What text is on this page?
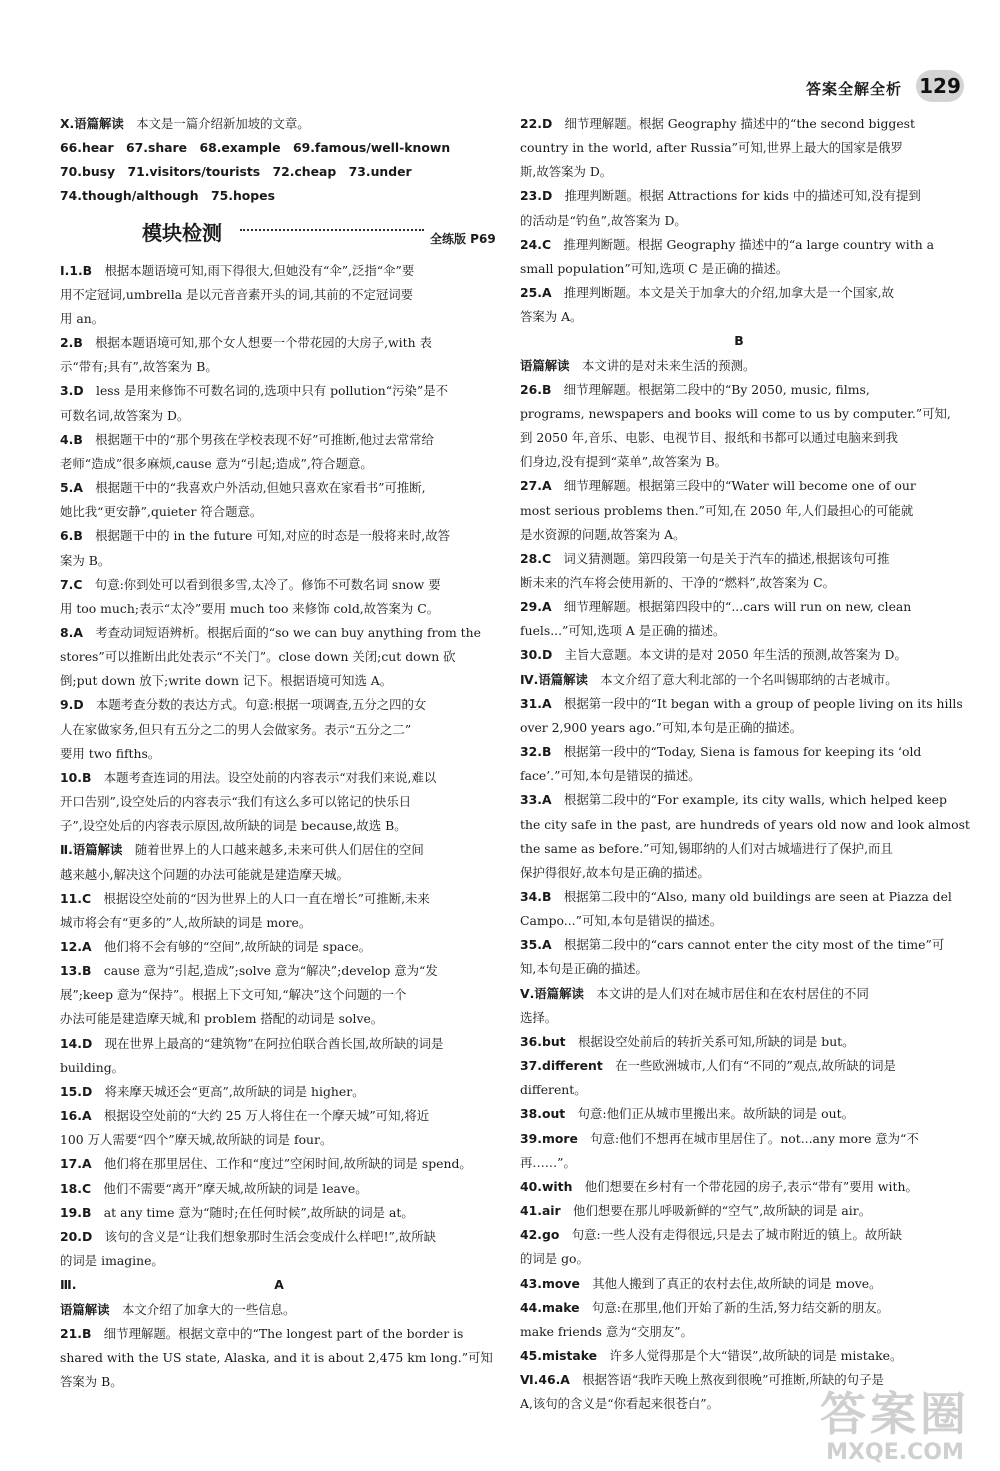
答案全解全析 129
X.语篇解读　本文是一篇介绍新加坡的文章。
66.hear　67.share　68.example　69.famous/well-known
70.busy　71.visitors/tourists　72.cheap　73.under
74.though/although　75.hopes
模块检测	全练版 P69
Ⅰ.1.B　根据本题语境可知,雨下得很大,但她没有“伞”,泛指“伞”要
用不定冠词,umbrella 是以元音音素开头的词,其前的不定冠词要
用 an。
2.B　根据本题语境可知,那个女人想要一个带花园的大房子,with 表
示“带有;具有”,故答案为 B。
3.D　less 是用来修饰不可数名词的,选项中只有 pollution“污染”是不
可数名词,故答案为 D。
4.B　根据题干中的“那个男孩在学校表现不好”可推断,他过去常常给
老师“造成”很多麻烦,cause 意为“引起;造成”,符合题意。
5.A　根据题干中的“我喜欢户外活动,但她只喜欢在家看书”可推断,
她比我“更安静”,quieter 符合题意。
6.B　根据题干中的 in the future 可知,对应的时态是一般将来时,故答
案为 B。
7.C　句意:你到处可以看到很多雪,太冷了。修饰不可数名词 snow 要
用 too much;表示“太冷”要用 much too 来修饰 cold,故答案为 C。
8.A　考查动词短语辨析。根据后面的“so we can buy anything from the
stores”可以推断出此处表示“不关门”。close down 关闭;cut down 砍
倒;put down 放下;write down 记下。根据语境可知选 A。
9.D　本题考查分数的表达方式。句意:根据一项调查,五分之四的女
人在家做家务,但只有五分之二的男人会做家务。表示“五分之二”
要用 two fifths。
10.B　本题考查连词的用法。设空处前的内容表示“对我们来说,难以
开口告别”,设空处后的内容表示“我们有这么多可以铭记的快乐日
子”,设空处后的内容表示原因,故所缺的词是 because,故选 B。
Ⅱ.语篇解读　随着世界上的人口越来越多,未来可供人们居住的空间
越来越小,解决这个问题的办法可能就是建造摩天城。
11.C　根据设空处前的“因为世界上的人口一直在增长”可推断,未来
城市将会有“更多的”人,故所缺的词是 more。
12.A　他们将不会有够的“空间”,故所缺的词是 space。
13.B　cause 意为“引起,造成”;solve 意为“解决”;develop 意为“发
展”;keep 意为“保持”。根据上下文可知,“解决”这个问题的一个
办法可能是建造摩天城,和 problem 搭配的动词是 solve。
14.D　现在世界上最高的“建筑物”在阿拉伯联合酋长国,故所缺的词是
building。
15.D　将来摩天城还会“更高”,故所缺的词是 higher。
16.A　根据设空处前的“大约 25 万人将住在一个摩天城”可知,将近
100 万人需要“四个”摩天城,故所缺的词是 four。
17.A　他们将在那里居住、工作和“度过”空闲时间,故所缺的词是 spend。
18.C　他们不需要“离开”摩天城,故所缺的词是 leave。
19.B　at any time 意为“随时;在任何时候”,故所缺的词是 at。
20.D　该句的含义是“让我们想象那时生活会变成什么样吧!”,故所缺
的词是 imagine。
Ⅲ.	A
语篇解读　本文介绍了加拿大的一些信息。
21.B　细节理解题。根据文章中的“The longest part of the border is
shared with the US state, Alaska, and it is about 2,475 km long.”可知
答案为 B。
22.D　细节理解题。根据 Geography 描述中的“the second biggest
country in the world, after Russia”可知,世界上最大的国家是俄罗
斯,故答案为 D。
23.D　推理判断题。根据 Attractions for kids 中的描述可知,没有提到
的活动是“钓鱼”,故答案为 D。
24.C　推理判断题。根据 Geography 描述中的“a large country with a
small population”可知,选项 C 是正确的描述。
25.A　推理判断题。本文是关于加拿大的介绍,加拿大是一个国家,故
答案为 A。
B
语篇解读　本文讲的是对未来生活的预测。
26.B　细节理解题。根据第二段中的“By 2050, music, films,
programs, newspapers and books will come to us by computer.”可知,
到 2050 年,音乐、电影、电视节目、报纸和书都可以通过电脑来到我
们身边,没有提到“菜单”,故答案为 B。
27.A　细节理解题。根据第三段中的“Water will become one of our
most serious problems then.”可知,在 2050 年,人们最担心的可能就
是水资源的问题,故答案为 A。
28.C　词义猜测题。第四段第一句是关于汽车的描述,根据该句可推
断未来的汽车将会使用新的、干净的“燃料”,故答案为 C。
29.A　细节理解题。根据第四段中的“...cars will run on new, clean
fuels...”可知,选项 A 是正确的描述。
30.D　主旨大意题。本文讲的是对 2050 年生活的预测,故答案为 D。
Ⅳ.语篇解读　本文介绍了意大利北部的一个名叫锡耶纳的古老城市。
31.A　根据第一段中的“It began with a group of people living on its hills
over 2,900 years ago.”可知,本句是正确的描述。
32.B　根据第一段中的“Today, Siena is famous for keeping its ‘old
face’.”可知,本句是错误的描述。
33.A　根据第二段中的“For example, its city walls, which helped keep
the city safe in the past, are hundreds of years old now and look almost
the same as before.”可知,锡耶纳的人们对古城墙进行了保护,而且
保护得很好,故本句是正确的描述。
34.B　根据第二段中的“Also, many old buildings are seen at Piazza del
Campo...”可知,本句是错误的描述。
35.A　根据第二段中的“cars cannot enter the city most of the time”可
知,本句是正确的描述。
Ⅴ.语篇解读　本文讲的是人们对在城市居住和在农村居住的不同
选择。
36.but　根据设空处前后的转折关系可知,所缺的词是 but。
37.different　在一些欧洲城市,人们有“不同的”观点,故所缺的词是
different。
38.out　句意:他们正从城市里搬出来。故所缺的词是 out。
39.more　句意:他们不想再在城市里居住了。not...any more 意为“不
再……”。
40.with　他们想要在乡村有一个带花园的房子,表示“带有”要用 with。
41.air　他们想要在那儿呼吸新鲜的“空气”,故所缺的词是 air。
42.go　句意:一些人没有走得很远,只是去了城市附近的镇上。故所缺
的词是 go。
43.move　其他人搬到了真正的农村去住,故所缺的词是 move。
44.make　句意:在那里,他们开始了新的生活,努力结交新的朋友。
make friends 意为“交朋友”。
45.mistake　许多人觉得那是个大“错误”,故所缺的词是 mistake。
Ⅵ.46.A　根据答语“我昨天晚上熬夜到很晚”可推断,所缺的句子是
A,该句的含义是“你看起来很苍白”。	答案圈
MXQE.COM
